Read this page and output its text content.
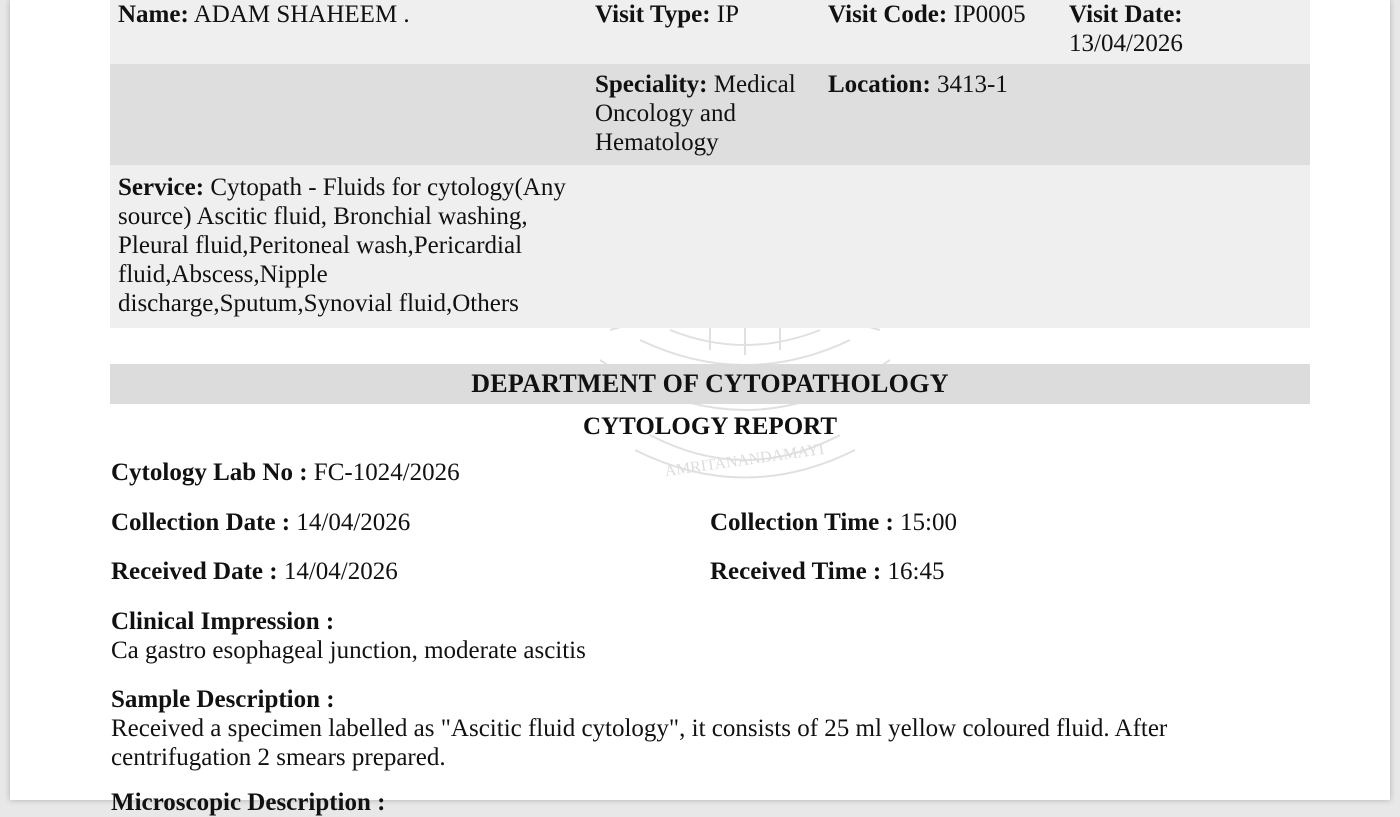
AMRITANANDAMAYI
Name: ADAM SHAHEEM .	Visit Type: IP	Visit Code: IP0005	Visit Date:
13/04/2026
	Speciality: Medical Oncology and Hematology	Location: 3413-1	
Service: Cytopath - Fluids for cytology(Any source) Ascitic fluid, Bronchial washing, Pleural fluid,Peritoneal wash,Pericardial fluid,Abscess,Nipple discharge,Sputum,Synovial fluid,Others			
DEPARTMENT OF CYTOPATHOLOGY
CYTOLOGY REPORT
Cytology Lab No : FC-1024/2026
Collection Date : 14/04/2026	Collection Time : 15:00
Received Date : 14/04/2026	Received Time : 16:45
Clinical Impression :
Ca gastro esophageal junction, moderate ascitis
Sample Description :
Received a specimen labelled as "Ascitic fluid cytology", it consists of 25 ml yellow coloured fluid. After centrifugation 2 smears prepared.
Microscopic Description :
